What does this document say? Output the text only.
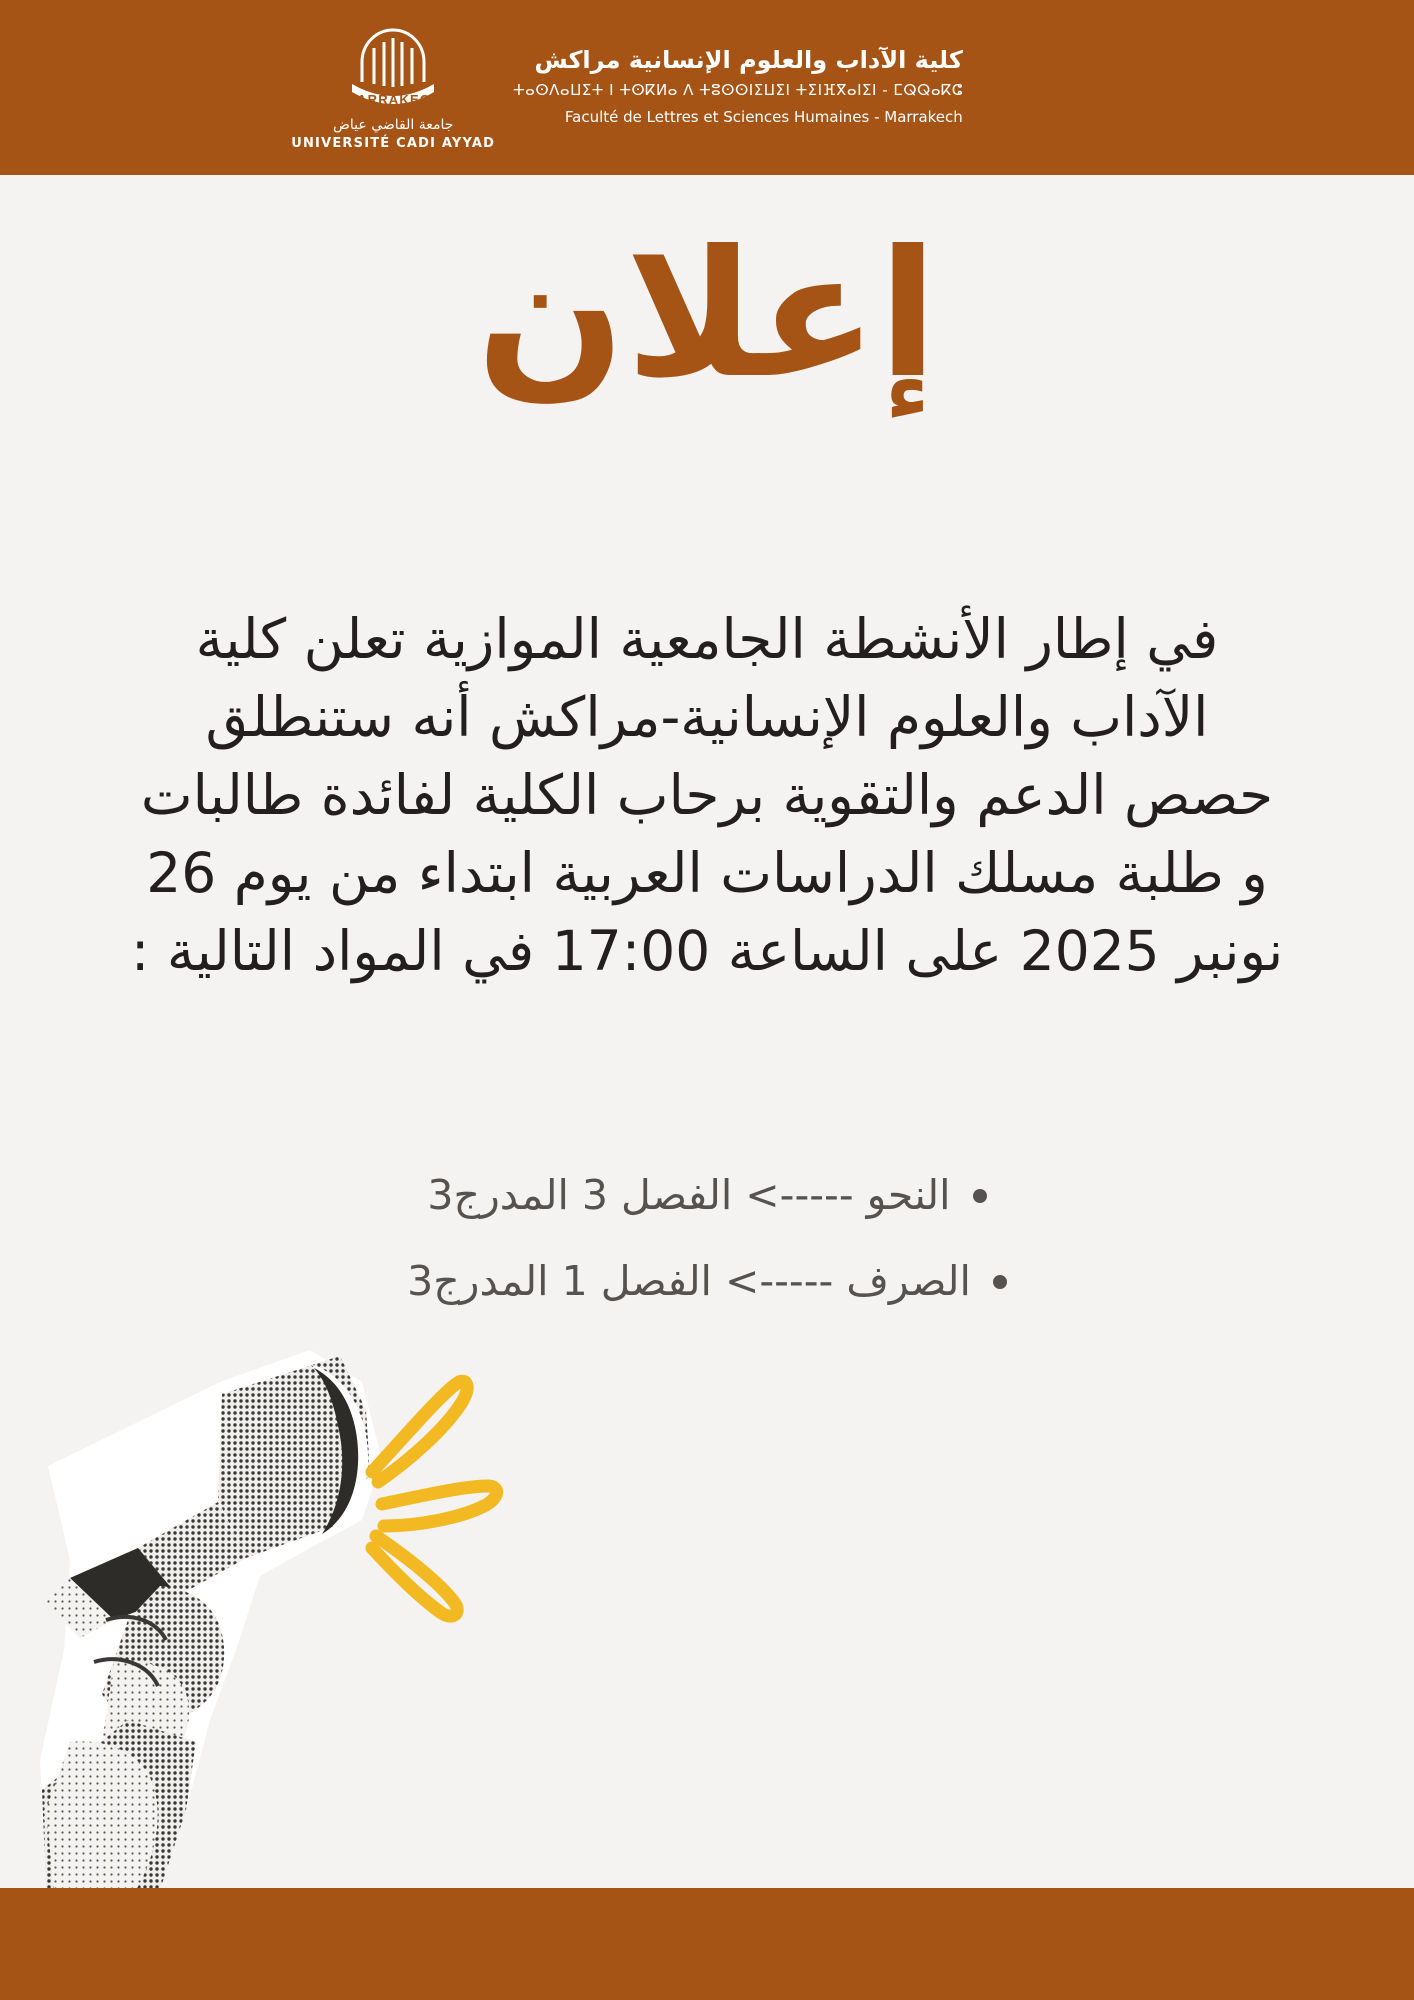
MARRAKECH
جامعة القاضي عياض
UNIVERSITÉ CADI AYYAD
كلية الآداب والعلوم الإنسانية مراكش
ⵜⴰⵙⴷⴰⵡⵉⵜ ⵏ ⵜⵙⴽⵍⴰ ⴷ ⵜⵓⵙⵙⵏⵉⵡⵉⵏ ⵜⵉⵏⴼⴳⴰⵏⵉⵏ - ⵎⵕⵕⴰⴽⵛ
Faculté de Lettres et Sciences Humaines - Marrakech
إعلان
في إطار الأنشطة الجامعية الموازية تعلن كلية الآداب والعلوم الإنسانية-مراكش أنه ستنطلق حصص الدعم والتقوية برحاب الكلية لفائدة طالبات و طلبة مسلك الدراسات العربية ابتداء من يوم 26 نونبر 2025 على الساعة 17:00 في المواد التالية :
النحو -----> الفصل 3 المدرج3
الصرف -----> الفصل 1 المدرج3
